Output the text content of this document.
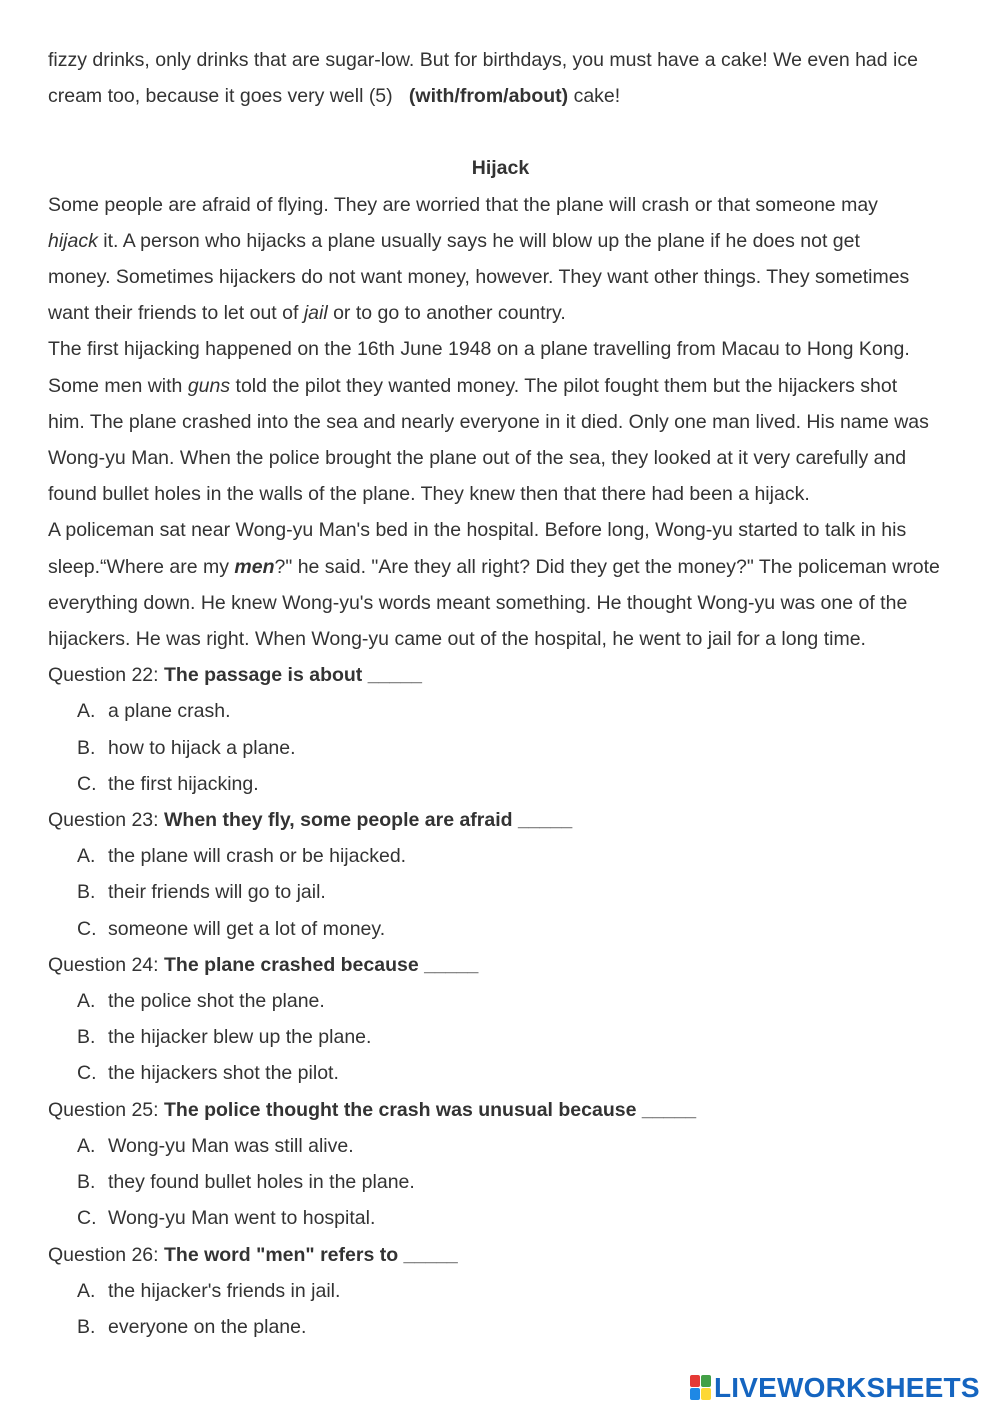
fizzy drinks, only drinks that are sugar-low. But for birthdays, you must have a cake! We even had ice

cream too, because it goes very well (5) (with/from/about) cake!

Hijack

Some people are afraid of flying. They are worried that the plane will crash or that someone may

hijack it. A person who hijacks a plane usually says he will blow up the plane if he does not get

money. Sometimes hijackers do not want money, however. They want other things. They sometimes

want their friends to let out of jail or to go to another country.

The first hijacking happened on the 16th June 1948 on a plane travelling from Macau to Hong Kong.

Some men with guns told the pilot they wanted money. The pilot fought them but the hijackers shot

him. The plane crashed into the sea and nearly everyone in it died. Only one man lived. His name was

Wong-yu Man. When the police brought the plane out of the sea, they looked at it very carefully and

found bullet holes in the walls of the plane. They knew then that there had been a hijack.

A policeman sat near Wong-yu Man's bed in the hospital. Before long, Wong-yu started to talk in his

sleep.“Where are my men?" he said. "Are they all right? Did they get the money?" The policeman wrote

everything down. He knew Wong-yu's words meant something. He thought Wong-yu was one of the

hijackers. He was right. When Wong-yu came out of the hospital, he went to jail for a long time.

Question 22: The passage is about _____

A. a plane crash.

B. how to hijack a plane.

C. the first hijacking.

Question 23: When they fly, some people are afraid _____

A. the plane will crash or be hijacked.

B. their friends will go to jail.

C. someone will get a lot of money.

Question 24: The plane crashed because _____

A. the police shot the plane.

B. the hijacker blew up the plane.

C. the hijackers shot the pilot.

Question 25: The police thought the crash was unusual because _____

A. Wong-yu Man was still alive.

B. they found bullet holes in the plane.

C. Wong-yu Man went to hospital.

Question 26: The word "men" refers to _____

A. the hijacker's friends in jail.

B. everyone on the plane.

LIVEWORKSHEETS
